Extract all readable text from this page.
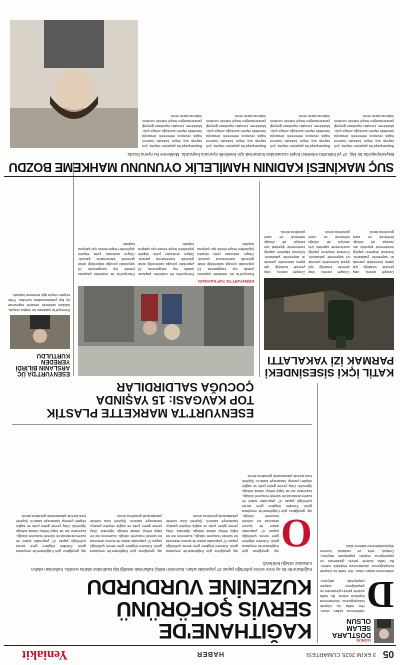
05
3 EKIM 2025 CUMARTESI
HABER
Yeniakit
GÖRÜŞ
DOSTLARA SELAM OLSUN
D
ostlarımıza selam olsun. Her hafta bu köşede buluştuğumuz okurlarımıza teşekkür ederiz. Bu hafta sizlerle şehrin gündemini ve yaşadığımız olayları paylaşmak istiyoruz.
ostlarımıza selam olsun. Her hafta bu köşede buluştuğumuz okurlarımıza teşekkür ederiz. Bu hafta sizlerle şehrin gündemini ve yaşadığımız olayları paylaşmak istiyoruz. Dostluk, vefa ve sadakat üzerine düşündüklerimizi kaleme aldık.
KAĞITHANE'DE
SERVİS ŞOFÖRÜNÜ
KUZENİNE VURDURDU
Kağıthane'de bir ay önce servis şoförlüğü yapan 47 yaşındaki adam, kuzeninin tetikçi kullanmak istediği kişi tarafından silahla vuruldu. Kullanılan silahın ruhsatsız olduğu belirlendi.
O
lay, geçtiğimiz gün Kağıthane'de meydana geldi. Edinilen bilgilere göre servis şoförlüğü yapan 47 yaşındaki adam ile kuzeni arasında bir süredir husumet olduğu,
lay, geçtiğimiz gün Kağıthane'de meydana geldi. Edinilen bilgilere göre servis şoförlüğü yapan 47 yaşındaki adam ile kuzeni arasında bir süredir husumet olduğu, kuzeninin ise bir kişiyi tetikçi olarak tuttuğu öğrenildi. Olay yerine gelen polis ve sağlık ekipleri yaralıyı hastaneye kaldırdı. Şüpheli kısa sürede yakalanarak gözaltına alındı.
lay, geçtiğimiz gün Kağıthane'de meydana geldi. Edinilen bilgilere göre servis şoförlüğü yapan 47 yaşındaki adam ile kuzeni arasında bir süredir husumet olduğu, kuzeninin ise bir kişiyi tetikçi olarak tuttuğu öğrenildi. Olay yerine gelen polis ve sağlık ekipleri yaralıyı hastaneye kaldırdı. Şüpheli kısa sürede yakalanarak gözaltına alındı.
lay, geçtiğimiz gün Kağıthane'de meydana geldi. Edinilen bilgilere göre servis şoförlüğü yapan 47 yaşındaki adam ile kuzeni arasında bir süredir husumet olduğu, kuzeninin ise bir kişiyi tetikçi olarak tuttuğu öğrenildi. Olay yerine gelen polis ve sağlık ekipleri yaralıyı hastaneye kaldırdı. Şüpheli kısa sürede yakalanarak gözaltına alındı.
lay, geçtiğimiz gün Kağıthane'de meydana geldi. Edinilen bilgilere göre servis şoförlüğü yapan 47 yaşındaki adam ile kuzeni arasında bir süredir husumet olduğu, kuzeninin ise bir kişiyi tetikçi olarak tuttuğu öğrenildi. Olay yerine gelen polis ve sağlık ekipleri yaralıyı hastaneye kaldırdı. Şüpheli kısa sürede yakalanarak gözaltına alındı.
KATİL İÇKİ SİSESİNDEKİ
PARMAK İZİ YAKALATTI
Cinayet zanlısı, olay yerinde bıraktığı içki şişesi üzerindeki parmak izi sayesinde yakalandı. Kriminal ekiplerin yaptığı incelemede şişedeki izin zanlıya ait olduğu belirlendi ve zanlı gözaltına alındı.
Cinayet zanlısı, olay yerinde bıraktığı içki şişesi üzerindeki parmak izi sayesinde yakalandı. Kriminal ekiplerin yaptığı incelemede şişedeki izin zanlıya ait olduğu belirlendi ve zanlı gözaltına alındı.
Cinayet zanlısı, olay yerinde bıraktığı içki şişesi üzerindeki parmak izi sayesinde yakalandı. Kriminal ekiplerin yaptığı incelemede şişedeki izin zanlıya ait olduğu belirlendi ve zanlı gözaltına alındı.
ESENYURT'TA MARKETTE PLASTİK
TOP KAVGASI: 15 YAŞINDA
ÇOCUĞA SALDIRDILAR
ESENYURT'TA TOP KAVGASI
Esenyurt'ta bir markette yaşanan plastik top kavgasında 15 yaşındaki çocuğa saldırıldığı anlar güvenlik kamerasına yansıdı. Olayın ardından polis ekipleri şüphelileri tespit etmek için çalışma başlattı.
Esenyurt'ta bir markette yaşanan plastik top kavgasında 15 yaşındaki çocuğa saldırıldığı anlar güvenlik kamerasına yansıdı. Olayın ardından polis ekipleri şüphelileri tespit etmek için çalışma başlattı.
Esenyurt'ta bir markette yaşanan plastik top kavgasında 15 yaşındaki çocuğa saldırıldığı anlar güvenlik kamerasına yansıdı. Olayın ardından polis ekipleri şüphelileri tespit etmek için çalışma başlattı.
ESENYURT'DA ÜÇ
ARSLANIN BİLİRDİ
YEREDEN KURTULDU
Esenyurt'ta yaşanan bir başka olayda, dükkan sahibinin cesareti sayesinde üç kişi yaralanmaktan kurtuldu. Polis ekipleri olayla ilgili inceleme başlattı.
SUÇ MAKİNESİ KADININ HAMİLELİK OYUNUNU MAHKEME BOZDU
Bayrampaşa'da bir kişi, 47 yıl hükümlü erkekleri hapis cezasından kurtarmak için hamilelik oyununa başvurdu. Mahkeme bu oyunu bozdu.
Bayrampaşa'da yaşanan olayda, çok sayıda suç kaydı bulunan kadının hapis cezasını ertelemek amacıyla hamilelik raporu sunduğu ortaya çıktı. Mahkeme, sunulan raporların gerçeği yansıtmadığını tespit ederek cezanın infazına karar verdi.
Bayrampaşa'da yaşanan olayda, çok sayıda suç kaydı bulunan kadının hapis cezasını ertelemek amacıyla hamilelik raporu sunduğu ortaya çıktı. Mahkeme, sunulan raporların gerçeği yansıtmadığını tespit ederek cezanın infazına karar verdi.
Bayrampaşa'da yaşanan olayda, çok sayıda suç kaydı bulunan kadının hapis cezasını ertelemek amacıyla hamilelik raporu sunduğu ortaya çıktı. Mahkeme, sunulan raporların gerçeği yansıtmadığını tespit ederek cezanın infazına karar verdi.
Bayrampaşa'da yaşanan olayda, çok sayıda suç kaydı bulunan kadının hapis cezasını ertelemek amacıyla hamilelik raporu sunduğu ortaya çıktı. Mahkeme, sunulan raporların gerçeği yansıtmadığını tespit ederek cezanın infazına karar verdi.
